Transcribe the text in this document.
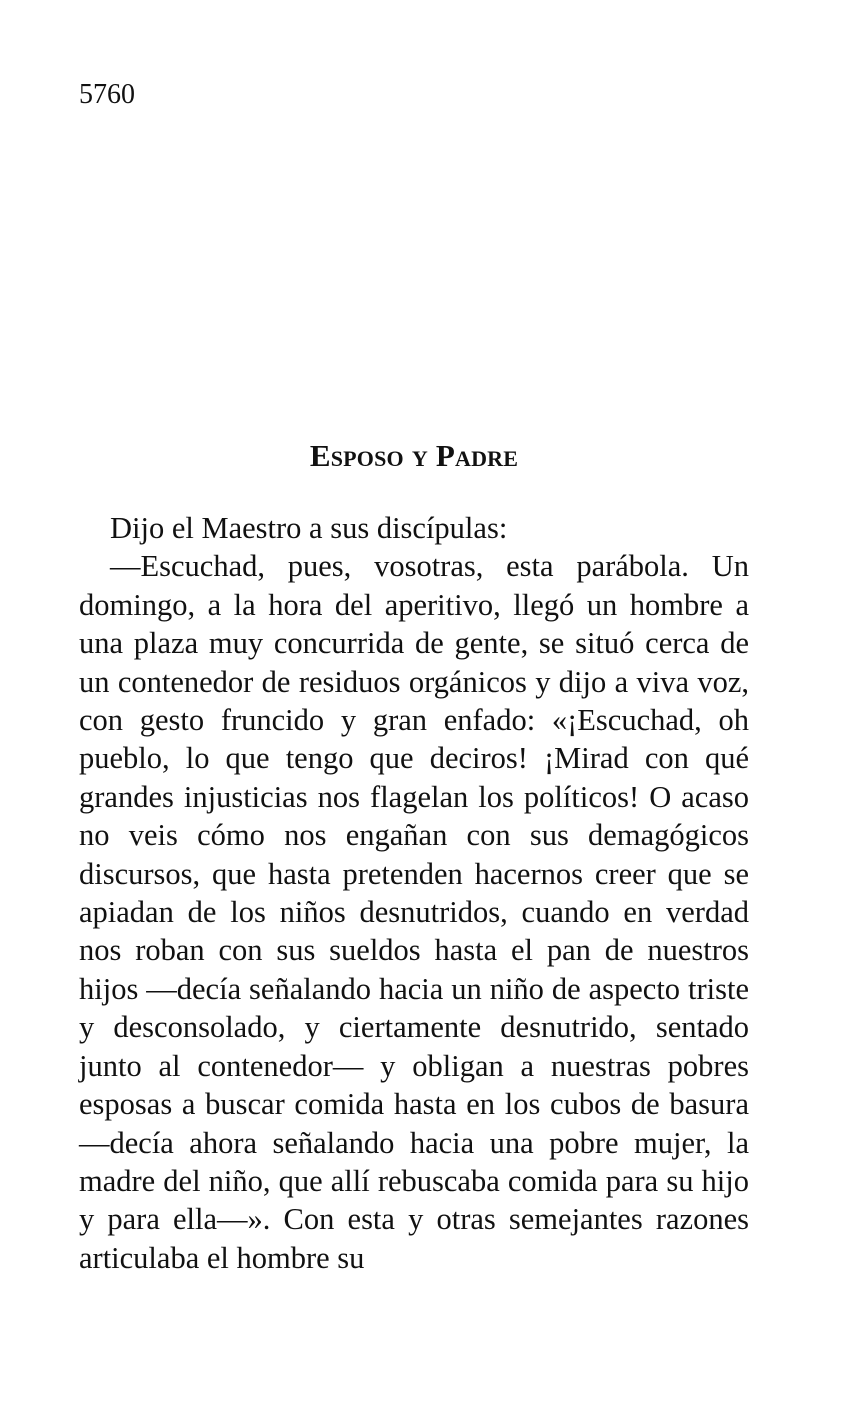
5760
Esposo y Padre

Dijo el Maestro a sus discípulas:

—Escuchad, pues, vosotras, esta parábola. Un domingo, a la hora del aperitivo, llegó un hombre a una plaza muy concurrida de gente, se situó cerca de un contenedor de residuos orgánicos y dijo a viva voz, con gesto fruncido y gran enfado: «¡Escuchad, oh pueblo, lo que tengo que deciros! ¡Mirad con qué grandes injusticias nos flagelan los políticos! O acaso no veis cómo nos engañan con sus demagógicos discursos, que hasta pretenden hacernos creer que se apiadan de los niños desnutridos, cuando en verdad nos roban con sus sueldos hasta el pan de nuestros hijos —decía señalando hacia un niño de aspecto triste y desconsolado, y ciertamente desnutrido, sentado junto al contenedor— y obligan a nuestras pobres esposas a buscar comida hasta en los cubos de basura —decía ahora señalando hacia una pobre mujer, la madre del niño, que allí rebuscaba comida para su hijo y para ella—». Con esta y otras semejantes razones articulaba el hombre su
